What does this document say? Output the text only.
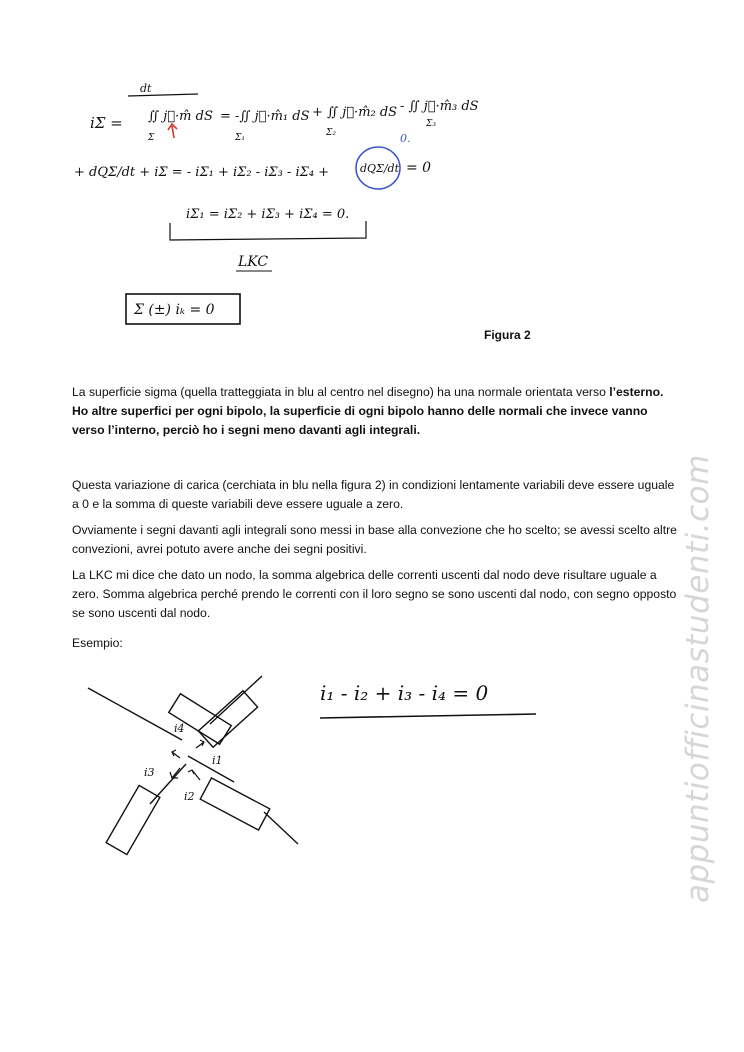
dt
iΣ = ∬ j⃗·m̂ dS = -∬ j⃗·m̂₁ dS + ∬ j⃗·m̂₂ dS - ∬ j⃗·m̂₃ dS
Σ	Σ₁	Σ₂
Σ₃
+ dQΣ/dt + iΣ = - iΣ₁ + iΣ₂ - iΣ₃ - iΣ₄ +	dQΣ/dt
0.
= 0
iΣ₁ = iΣ₂ + iΣ₃ + iΣ₄ = 0.
LKC
Σ (±) iₖ = 0
Figura 2
La superficie sigma (quella tratteggiata in blu al centro nel disegno) ha una normale orientata verso l’esterno. Ho altre superfici per ogni bipolo, la superficie di ogni bipolo hanno delle normali che invece vanno verso l’interno, perciò ho i segni meno davanti agli integrali.
Questa variazione di carica (cerchiata in blu nella figura 2) in condizioni lentamente variabili deve essere uguale a 0 e la somma di queste variabili deve essere uguale a zero.
Ovviamente i segni davanti agli integrali sono messi in base alla convezione che ho scelto; se avessi scelto altre convezioni, avrei potuto avere anche dei segni positivi.
La LKC mi dice che dato un nodo, la somma algebrica delle correnti uscenti dal nodo deve risultare uguale a zero. Somma algebrica perché prendo le correnti con il loro segno se sono uscenti dal nodo, con segno opposto se sono uscenti dal nodo.
Esempio:
i4
i1
i3
i2
i₁ - i₂ + i₃ - i₄ = 0	appuntiofficinastudenti.com
